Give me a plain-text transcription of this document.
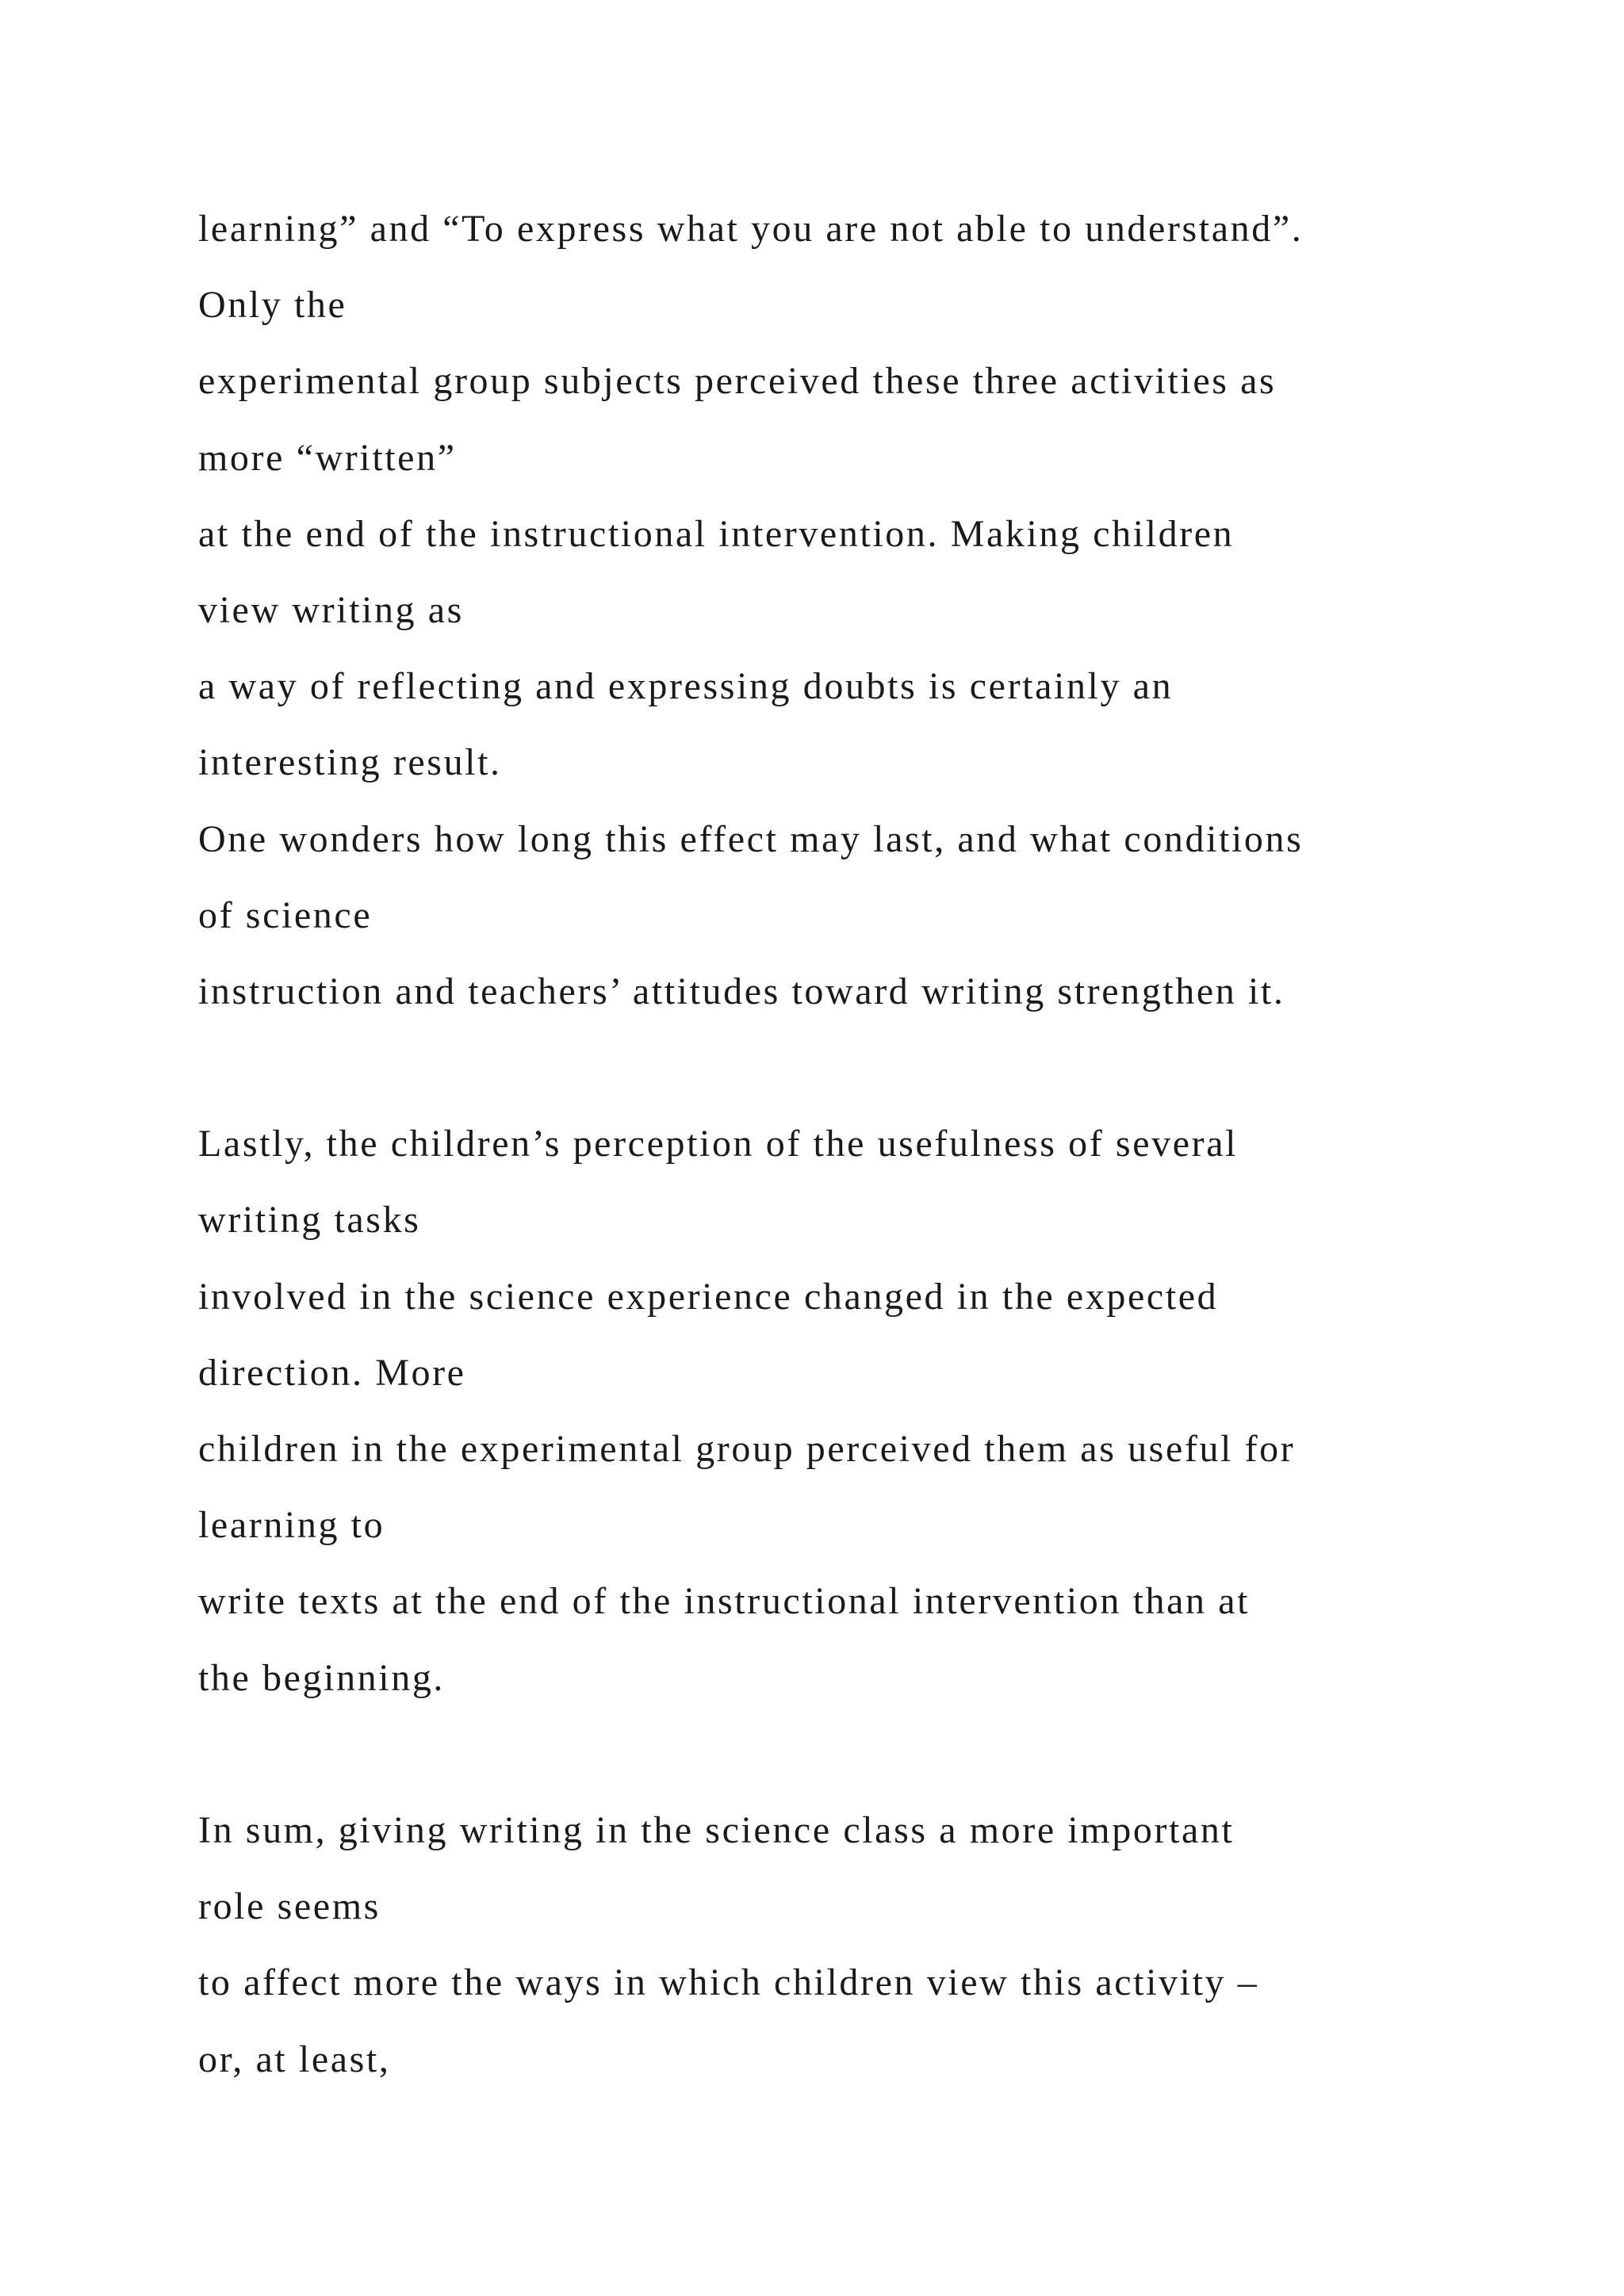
learning” and “To express what you are not able to understand”.
Only the
experimental group subjects perceived these three activities as
more “written”
at the end of the instructional intervention. Making children
view writing as
a way of reflecting and expressing doubts is certainly an
interesting result.
One wonders how long this effect may last, and what conditions
of science
instruction and teachers’ attitudes toward writing strengthen it.
Lastly, the children’s perception of the usefulness of several
writing tasks
involved in the science experience changed in the expected
direction. More
children in the experimental group perceived them as useful for
learning to
write texts at the end of the instructional intervention than at
the beginning.
In sum, giving writing in the science class a more important
role seems
to affect more the ways in which children view this activity –
or, at least,
